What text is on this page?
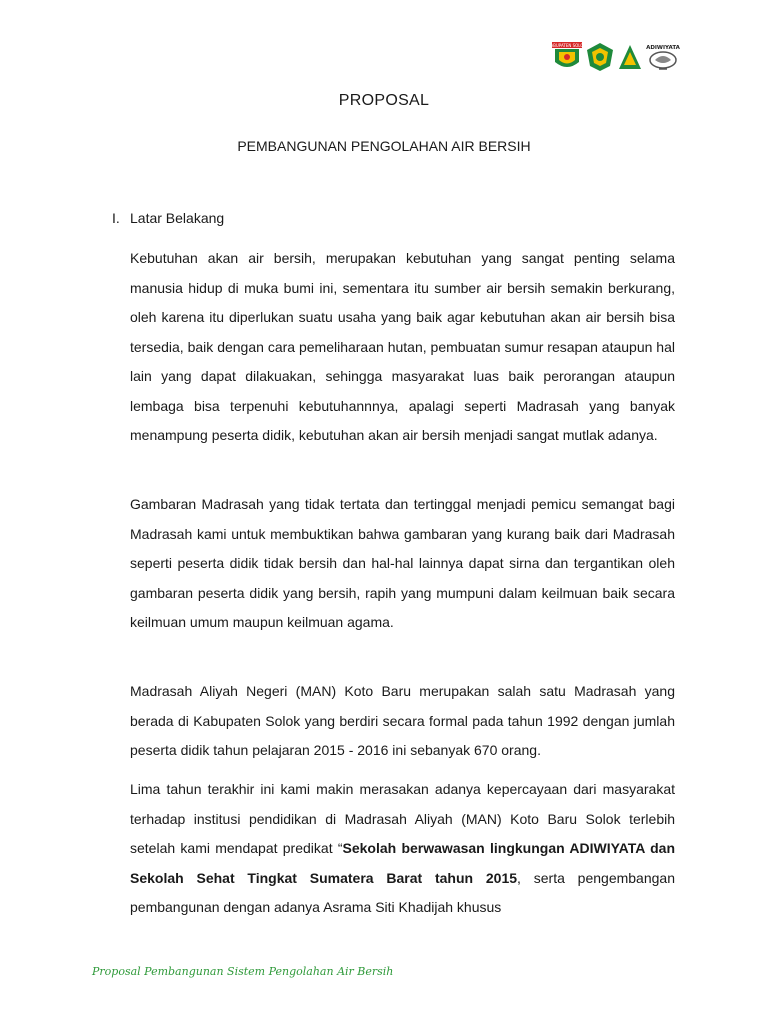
KABUPATEN SOLOK	ADIWIYATA
PROPOSAL
PEMBANGUNAN PENGOLAHAN AIR BERSIH
I. Latar Belakang

Kebutuhan akan air bersih, merupakan kebutuhan yang sangat penting selama manusia hidup di muka bumi ini, sementara itu sumber air bersih semakin berkurang, oleh karena itu diperlukan suatu usaha yang baik agar kebutuhan akan air bersih bisa tersedia, baik dengan cara pemeliharaan hutan, pembuatan sumur resapan ataupun hal lain yang dapat dilakuakan, sehingga masyarakat luas baik perorangan ataupun lembaga bisa terpenuhi kebutuhannnya, apalagi seperti Madrasah yang banyak menampung peserta didik, kebutuhan akan air bersih menjadi sangat mutlak adanya.

Gambaran Madrasah yang tidak tertata dan tertinggal menjadi pemicu semangat bagi Madrasah kami untuk membuktikan bahwa gambaran yang kurang baik dari Madrasah seperti peserta didik tidak bersih dan hal-hal lainnya dapat sirna dan tergantikan oleh gambaran peserta didik yang bersih, rapih yang mumpuni dalam keilmuan baik secara keilmuan umum maupun keilmuan agama.

Madrasah Aliyah Negeri (MAN) Koto Baru merupakan salah satu Madrasah yang berada di Kabupaten Solok yang berdiri secara formal pada tahun 1992 dengan jumlah peserta didik tahun pelajaran 2015 - 2016 ini sebanyak 670 orang.

Lima tahun terakhir ini kami makin merasakan adanya kepercayaan dari masyarakat terhadap institusi pendidikan di Madrasah Aliyah (MAN) Koto Baru Solok terlebih setelah kami mendapat predikat “Sekolah berwawasan lingkungan ADIWIYATA dan Sekolah Sehat Tingkat Sumatera Barat tahun 2015, serta pengembangan pembangunan dengan adanya Asrama Siti Khadijah khusus

Proposal Pembangunan Sistem Pengolahan Air Bersih
